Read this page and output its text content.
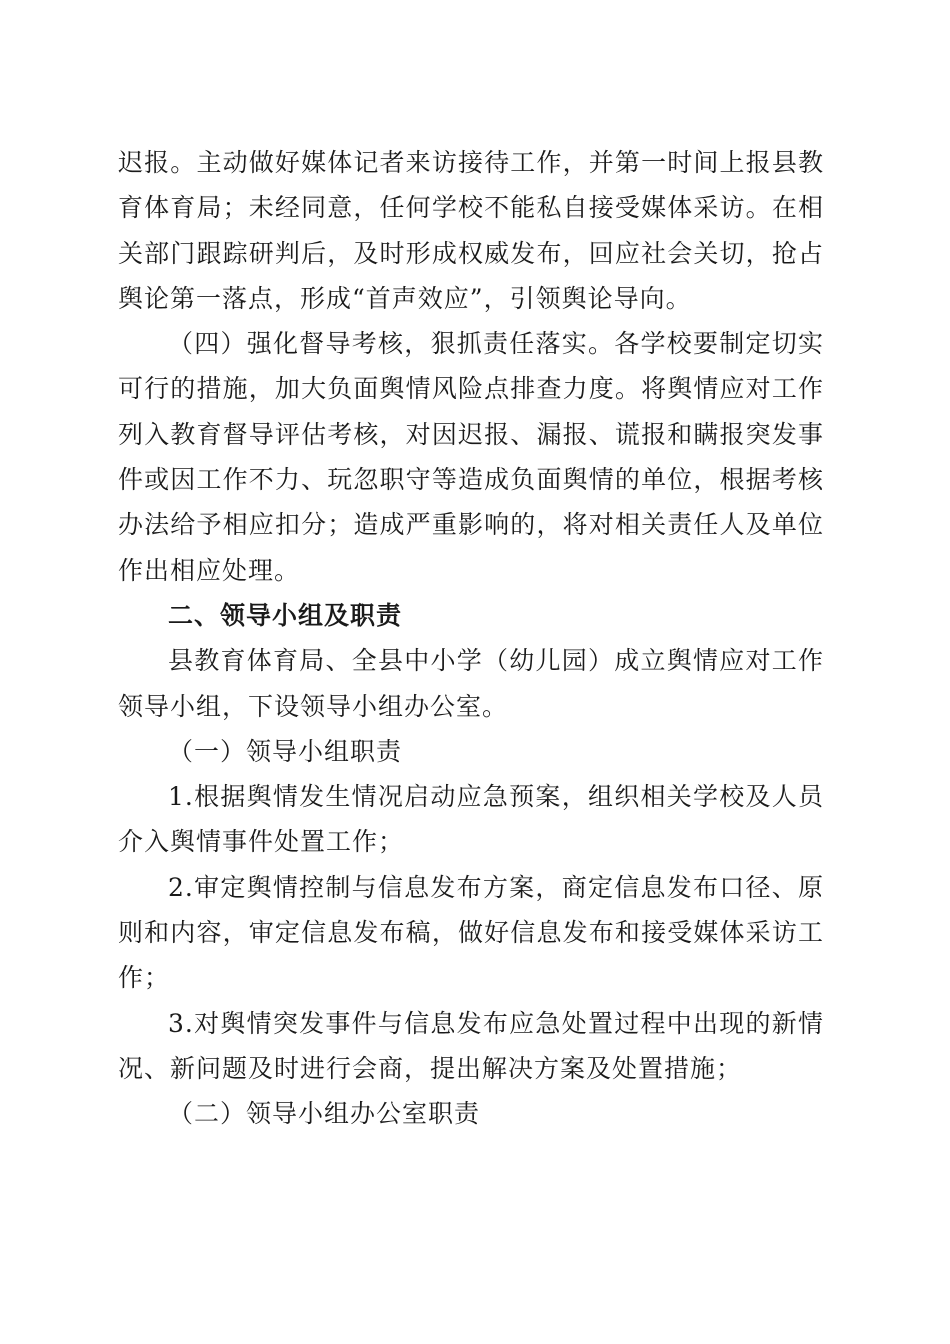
迟报。主动做好媒体记者来访接待工作，并第一时间上报县教育体育局；未经同意，任何学校不能私自接受媒体采访。在相关部门跟踪研判后，及时形成权威发布，回应社会关切，抢占舆论第一落点，形成“首声效应”，引领舆论导向。

（四）强化督导考核，狠抓责任落实。各学校要制定切实可行的措施，加大负面舆情风险点排查力度。将舆情应对工作列入教育督导评估考核，对因迟报、漏报、谎报和瞒报突发事件或因工作不力、玩忽职守等造成负面舆情的单位，根据考核办法给予相应扣分；造成严重影响的，将对相关责任人及单位作出相应处理。

二、领导小组及职责

县教育体育局、全县中小学（幼儿园）成立舆情应对工作领导小组，下设领导小组办公室。

（一）领导小组职责

1.根据舆情发生情况启动应急预案，组织相关学校及人员介入舆情事件处置工作；

2.审定舆情控制与信息发布方案，商定信息发布口径、原则和内容，审定信息发布稿，做好信息发布和接受媒体采访工作；

3.对舆情突发事件与信息发布应急处置过程中出现的新情况、新问题及时进行会商，提出解决方案及处置措施；

（二）领导小组办公室职责
